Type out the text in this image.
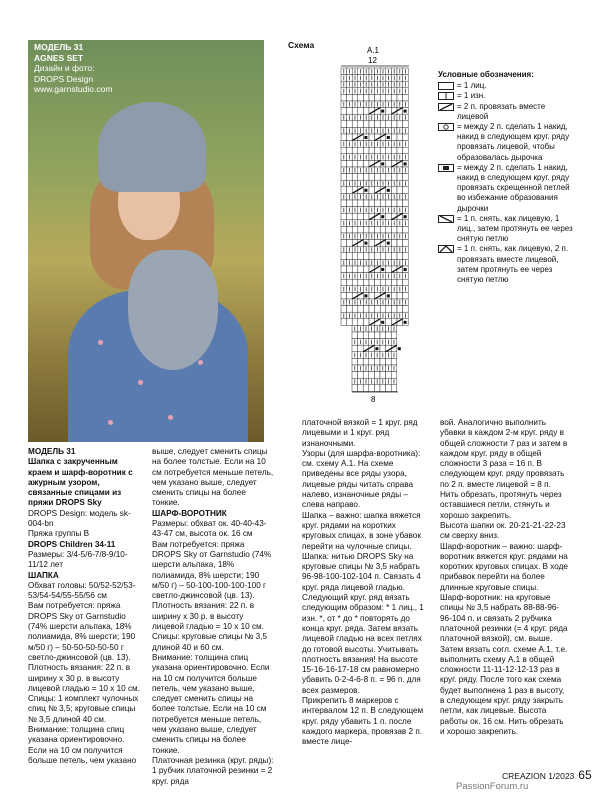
МОДЕЛЬ 31
AGNES SET
Дизайн и фото:
DROPS Design
www.garnstudio.com
Схема
А.1
12
8
Условные обозначения:
= 1 лиц.
= 1 изн.
= 2 п. провязать вместе лицевой
= между 2 п. сделать 1 накид, накид в следующем круг. ряду провязать лицевой, чтобы образовалась дырочка
= между 2 п. сделать 1 накид, накид в следующем круг. ряду провязать скрещенной петлей во избежание образования дырочки
= 1 п. снять, как лицевую, 1 лиц., затем протянуть ее через снятую петлю
= 1 п. снять, как лицевую, 2 п. провязать вместе лицевой, затем протянуть ее через снятую петлю

МОДЕЛЬ 31

Шапка с закрученным краем и шарф-воротник с ажурным узором, связанные спицами из пряжи DROPS Sky

DROPS Design: модель sk-004-bn

Пряжа группы В

DROPS Children 34-11

Размеры: 3/4-5/6-7/8-9/10-11/12 лет

ШАПКА

Обхват головы: 50/52-52/53-53/54-54/55-55/56 см

Вам потребуется: пряжа DROPS Sky от Garnstudio (74% шерсти альпака, 18% полиамида, 8% шерсти; 190 м/50 г) – 50-50-50-50-50 г светло-джинсовой (цв. 13).

Плотность вязания: 22 п. в ширину х 30 р. в высоту лицевой гладью = 10 х 10 см.

Спицы: 1 комплект чулочных спиц № 3,5; круговые спицы № 3,5 длиной 40 см.

Внимание: толщина спиц указана ориентировочно. Если на 10 см получится больше петель, чем указано

выше, следует сменить спицы на более толстые. Если на 10 см потребуется меньше петель, чем указано выше, следует сменить спицы на более тонкие.

ШАРФ-ВОРОТНИК

Размеры: обхват ок. 40-40-43-43-47 см, высота ок. 16 см

Вам потребуется: пряжа DROPS Sky от Garnstudio (74% шерсти альпака, 18% полиамида, 8% шерсти; 190 м/50 г) – 50-100-100-100-100 г светло-джинсовой (цв. 13).

Плотность вязания: 22 п. в ширину х 30 р. в высоту лицевой гладью = 10 х 10 см.

Спицы: круговые спицы № 3,5 длиной 40 и 60 см.

Внимание: толщина спиц указана ориентировочно. Если на 10 см получится больше петель, чем указано выше, следует сменить спицы на более толстые. Если на 10 см потребуется меньше петель, чем указано выше, следует сменить спицы на более тонкие.

Платочная резинка (круг. ряды): 1 рубчик платочной резинки = 2 круг. ряда

платочной вязкой = 1 круг. ряд лицевыми и 1 круг. ряд изнаночными.

Узоры (для шарфа-воротника): см. схему А.1. На схеме приведены все ряды узора, лицевые ряды читать справа налево, изнаночные ряды – слева направо.

Шапка – важно: шапка вяжется круг. рядами на коротких круговых спицах, в зоне убавок перейти на чулочные спицы.

Шапка: нитью DROPS Sky на круговые спицы № 3,5 набрать 96-98-100-102-104 п. Связать 4 круг. ряда лицевой гладью.

Следующий круг. ряд вязать следующим образом: * 1 лиц., 1 изн. *, от * до * повторять до конца круг. ряда. Затем вязать лицевой гладью на всех петлях до готовой высоты. Учитывать плотность вязания! На высоте 15-16-16-17-18 см равномерно убавить 0-2-4-6-8 п. = 96 п. для всех размеров.

Прикрепить 8 маркеров с интервалом 12 п. В следующем круг. ряду убавить 1 п. после каждого маркера, провязав 2 п. вместе лице-

вой. Аналогично выполнить убавки в каждом 2-м круг. ряду в общей сложности 7 раз и затем в каждом круг. ряду в общей сложности 3 раза = 16 п. В следующем круг. ряду провязать по 2 п. вместе лицевой = 8 п. Нить обрезать, протянуть через оставшиеся петли, стянуть и хорошо закрепить.

Высота шапки ок. 20-21-21-22-23 см сверху вниз.

Шарф-воротник – важно: шарф-воротник вяжется круг. рядами на коротких круговых спицах. В ходе прибавок перейти на более длинные круговые спицы.

Шарф-воротник: на круговые спицы № 3,5 набрать 88-88-96-96-104 п. и связать 2 рубчика платочной резинки (= 4 круг. ряда платочной вязкой), см. выше. Затем вязать согл. схеме А.1, т.е. выполнить схему А.1 в общей сложности 11-11-12-12-13 раз в круг. ряду. После того как схема будет выполнена 1 раз в высоту, в следующем круг. ряду закрыть петли, как лицевые. Высота работы ок. 16 см. Нить обрезать и хорошо закрепить.

CREAZION 1/2023 65
PassionForum.ru
